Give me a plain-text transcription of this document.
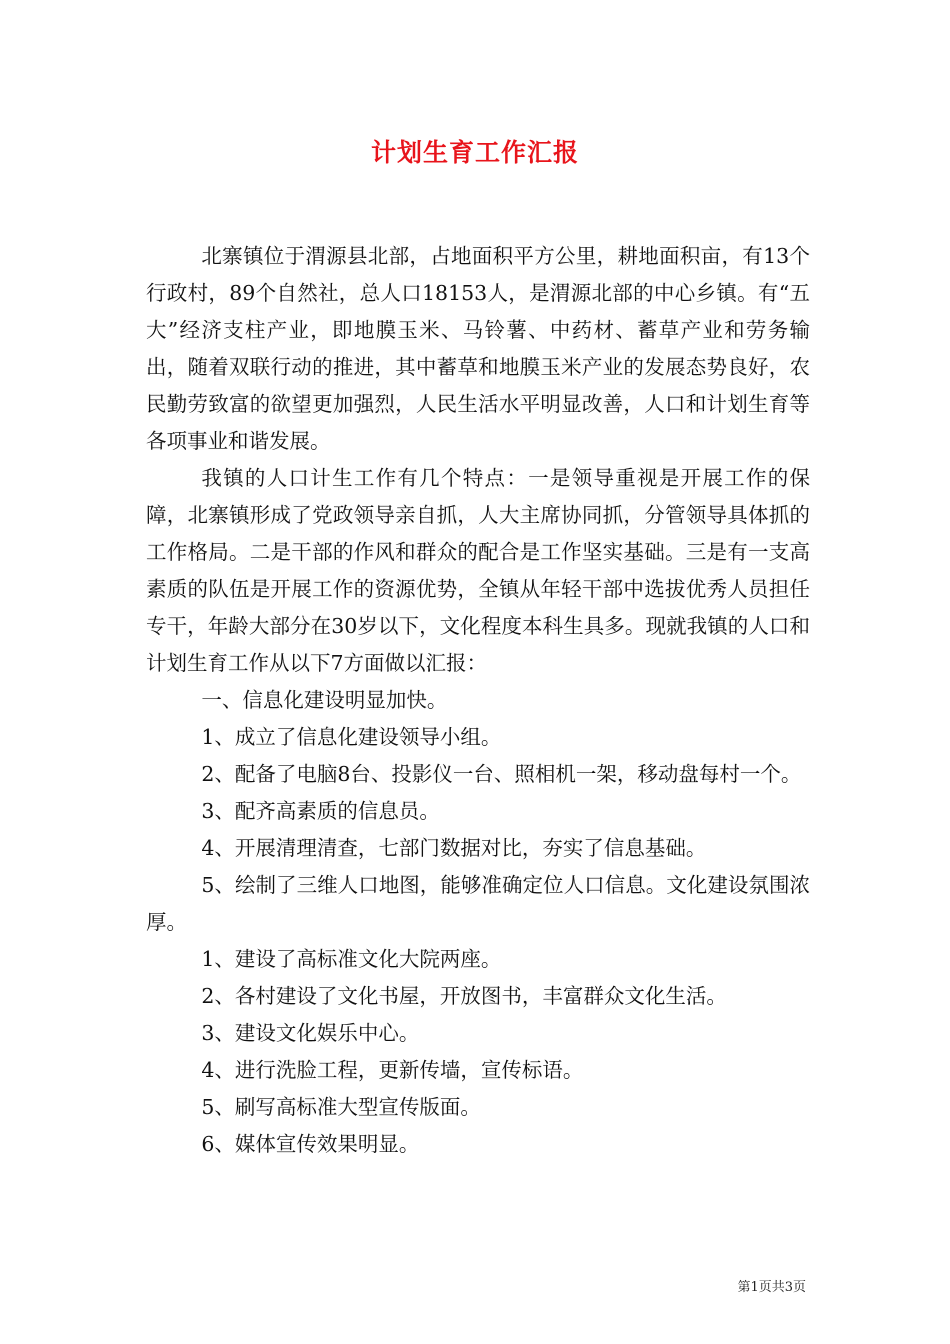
计划生育工作汇报

北寨镇位于渭源县北部，占地面积平方公里，耕地面积亩，有13个行政村，89个自然社，总人口18153人，是渭源北部的中心乡镇。有“五大”经济支柱产业，即地膜玉米、马铃薯、中药材、蓄草产业和劳务输出，随着双联行动的推进，其中蓄草和地膜玉米产业的发展态势良好，农民勤劳致富的欲望更加强烈，人民生活水平明显改善，人口和计划生育等各项事业和谐发展。

我镇的人口计生工作有几个特点：一是领导重视是开展工作的保障，北寨镇形成了党政领导亲自抓，人大主席协同抓，分管领导具体抓的工作格局。二是干部的作风和群众的配合是工作坚实基础。三是有一支高素质的队伍是开展工作的资源优势，全镇从年轻干部中选拔优秀人员担任专干，年龄大部分在30岁以下，文化程度本科生具多。现就我镇的人口和计划生育工作从以下7方面做以汇报：

一、信息化建设明显加快。

1、成立了信息化建设领导小组。

2、配备了电脑8台、投影仪一台、照相机一架，移动盘每村一个。

3、配齐高素质的信息员。

4、开展清理清查，七部门数据对比，夯实了信息基础。

5、绘制了三维人口地图，能够准确定位人口信息。文化建设氛围浓厚。

1、建设了高标准文化大院两座。

2、各村建设了文化书屋，开放图书，丰富群众文化生活。

3、建设文化娱乐中心。

4、进行洗脸工程，更新传墙，宣传标语。

5、刷写高标准大型宣传版面。

6、媒体宣传效果明显。

第1页共3页
